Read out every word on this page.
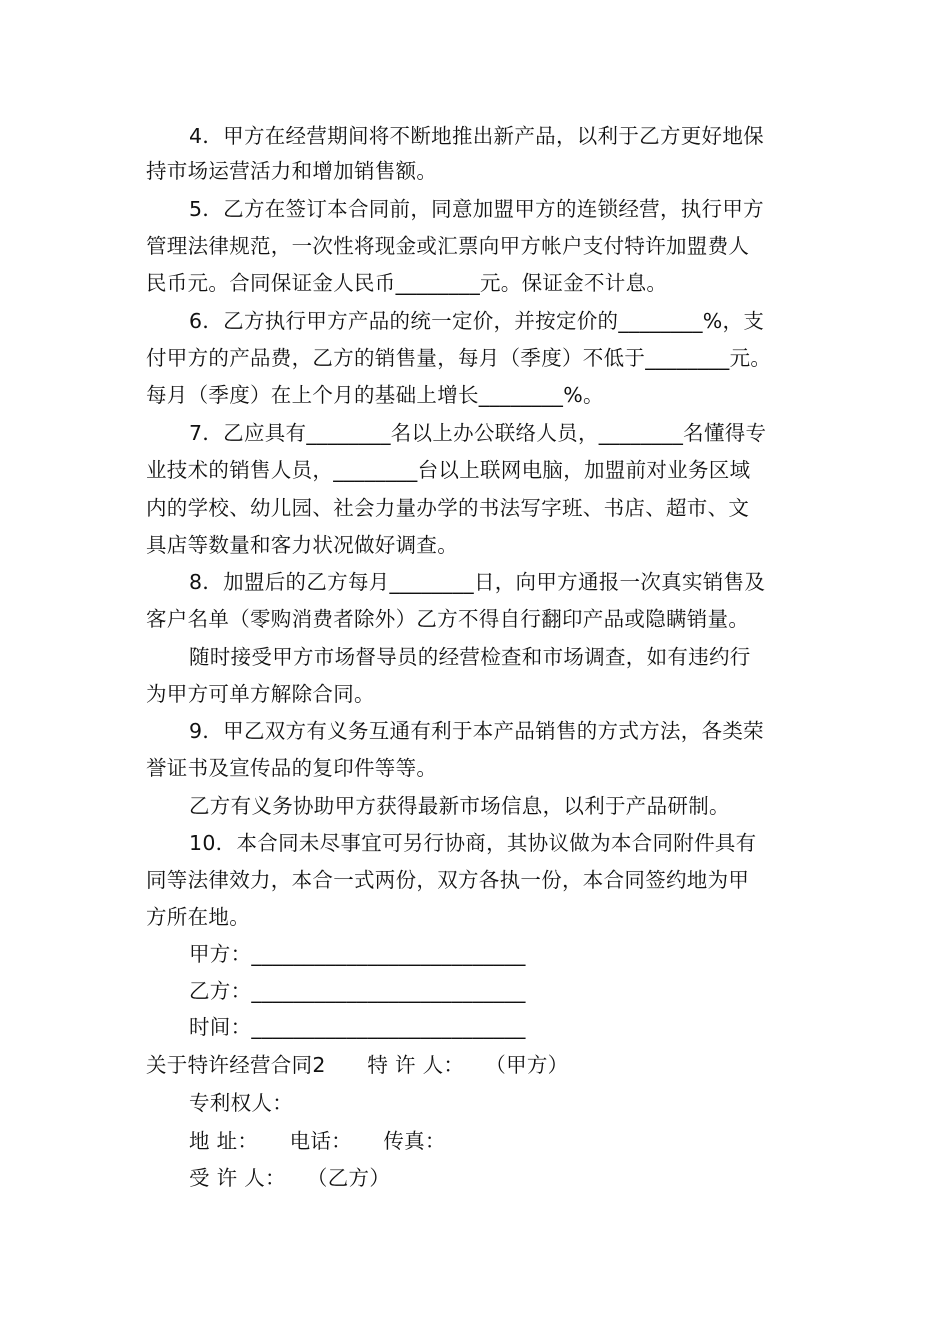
4．甲方在经营期间将不断地推出新产品，以利于乙方更好地保
持市场运营活力和增加销售额。
5．乙方在签订本合同前，同意加盟甲方的连锁经营，执行甲方
管理法律规范，一次性将现金或汇票向甲方帐户支付特许加盟费人
民币元。合同保证金人民币________元。保证金不计息。
6．乙方执行甲方产品的统一定价，并按定价的________%，支
付甲方的产品费，乙方的销售量，每月（季度）不低于________元。
每月（季度）在上个月的基础上增长________%。
7．乙应具有________名以上办公联络人员，________名懂得专
业技术的销售人员，________台以上联网电脑，加盟前对业务区域
内的学校、幼儿园、社会力量办学的书法写字班、书店、超市、文
具店等数量和客力状况做好调查。
8．加盟后的乙方每月________日，向甲方通报一次真实销售及
客户名单（零购消费者除外）乙方不得自行翻印产品或隐瞒销量。
随时接受甲方市场督导员的经营检查和市场调查，如有违约行
为甲方可单方解除合同。
9．甲乙双方有义务互通有利于本产品销售的方式方法，各类荣
誉证书及宣传品的复印件等等。
乙方有义务协助甲方获得最新市场信息，以利于产品研制。
10．本合同未尽事宜可另行协商，其协议做为本合同附件具有
同等法律效力，本合一式两份，双方各执一份，本合同签约地为甲
方所在地。
甲方：__________________________
乙方：__________________________
时间：__________________________
关于特许经营合同2　　特 许 人：　　（甲方）
专利权人：
地 址：　　电话：　　传真：
受 许 人：　　（乙方）
